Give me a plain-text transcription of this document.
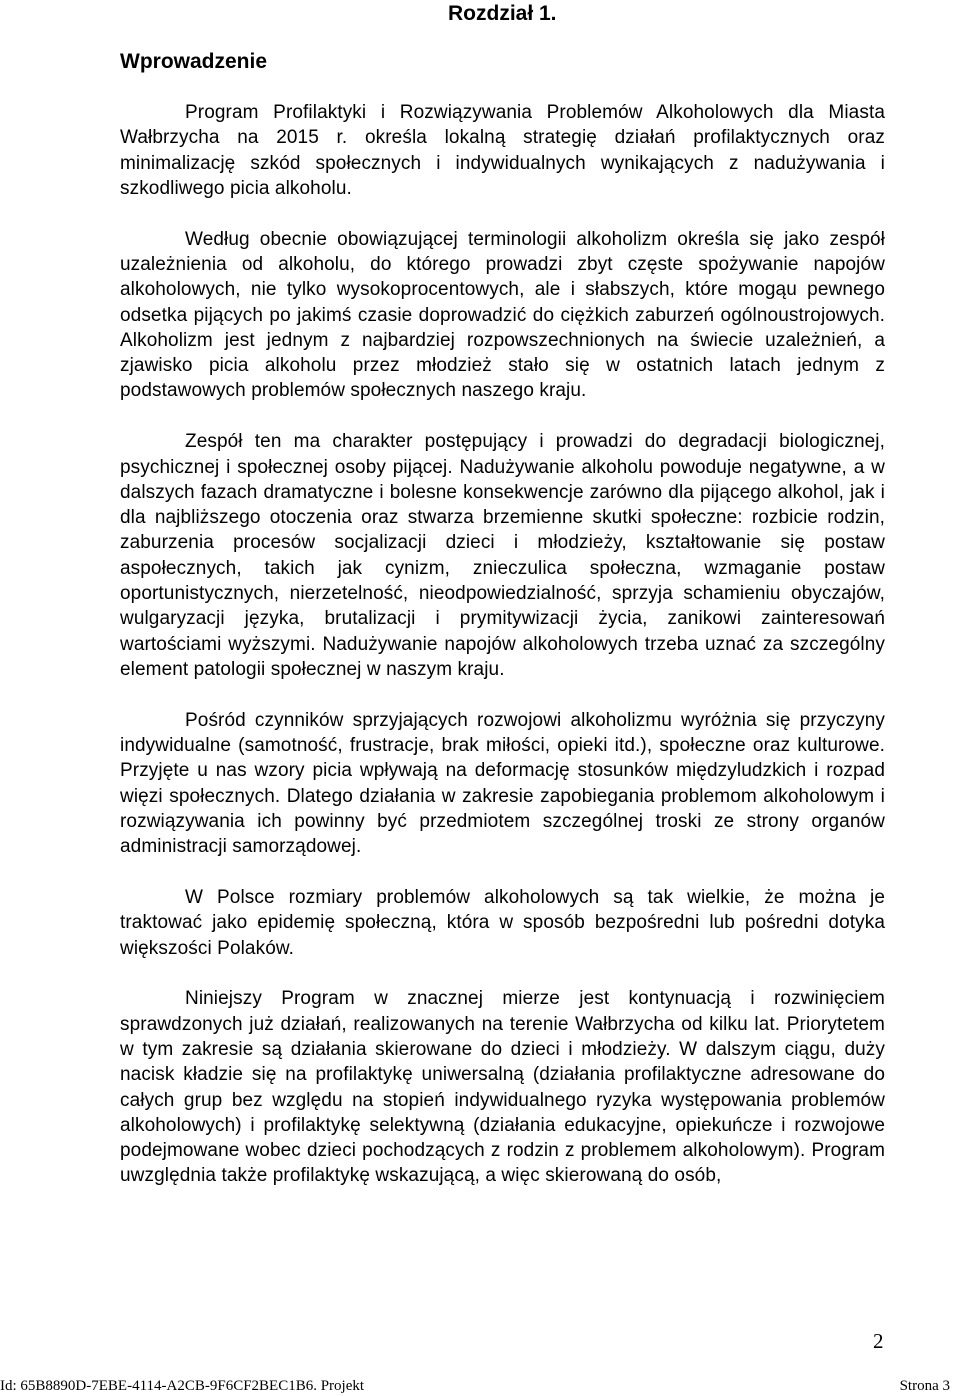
Rozdział 1.
Wprowadzenie

Program Profilaktyki i Rozwiązywania Problemów Alkoholowych dla Miasta Wałbrzycha na 2015 r. określa lokalną strategię działań profilaktycznych oraz minimalizację szkód społecznych i indywidualnych wynikających z nadużywania i szkodliwego picia alkoholu.

Według obecnie obowiązującej terminologii alkoholizm określa się jako zespół uzależnienia od alkoholu, do którego prowadzi zbyt częste spożywanie napojów alkoholowych, nie tylko wysokoprocentowych, ale i słabszych, które mogąu pewnego odsetka pijących po jakimś czasie doprowadzić do ciężkich zaburzeń ogólnoustrojowych. Alkoholizm jest jednym z najbardziej rozpowszechnionych na świecie uzależnień, a zjawisko picia alkoholu przez młodzież stało się w ostatnich latach jednym z podstawowych problemów społecznych naszego kraju.

Zespół ten ma charakter postępujący i prowadzi do degradacji biologicznej, psychicznej i społecznej osoby pijącej. Nadużywanie alkoholu powoduje negatywne, a w dalszych fazach dramatyczne i bolesne konsekwencje zarówno dla pijącego alkohol, jak i dla najbliższego otoczenia oraz stwarza brzemienne skutki społeczne: rozbicie rodzin, zaburzenia procesów socjalizacji dzieci i młodzieży, kształtowanie się postaw aspołecznych, takich jak cynizm, znieczulica społeczna, wzmaganie postaw oportunistycznych, nierzetelność, nieodpowiedzialność, sprzyja schamieniu obyczajów, wulgaryzacji języka, brutalizacji i prymitywizacji życia, zanikowi zainteresowań wartościami wyższymi. Nadużywanie napojów alkoholowych trzeba uznać za szczególny element patologii społecznej w naszym kraju.

Pośród czynników sprzyjających rozwojowi alkoholizmu wyróżnia się przyczyny indywidualne (samotność, frustracje, brak miłości, opieki itd.), społeczne oraz kulturowe. Przyjęte u nas wzory picia wpływają na deformację stosunków międzyludzkich i rozpad więzi społecznych. Dlatego działania w zakresie zapobiegania problemom alkoholowym i rozwiązywania ich powinny być przedmiotem szczególnej troski ze strony organów administracji samorządowej.

W Polsce rozmiary problemów alkoholowych są tak wielkie, że można je traktować jako epidemię społeczną, która w sposób bezpośredni lub pośredni dotyka większości Polaków.

Niniejszy Program w znacznej mierze jest kontynuacją i rozwinięciem sprawdzonych już działań, realizowanych na terenie Wałbrzycha od kilku lat. Priorytetem w tym zakresie są działania skierowane do dzieci i młodzieży. W dalszym ciągu, duży nacisk kładzie się na profilaktykę uniwersalną (działania profilaktyczne adresowane do całych grup bez względu na stopień indywidualnego ryzyka występowania problemów alkoholowych) i profilaktykę selektywną (działania edukacyjne, opiekuńcze i rozwojowe podejmowane wobec dzieci pochodzących z rodzin z problemem alkoholowym). Program uwzględnia także profilaktykę wskazującą, a więc skierowaną do osób,

2
Id: 65B8890D-7EBE-4114-A2CB-9F6CF2BEC1B6. Projekt	Strona 3
